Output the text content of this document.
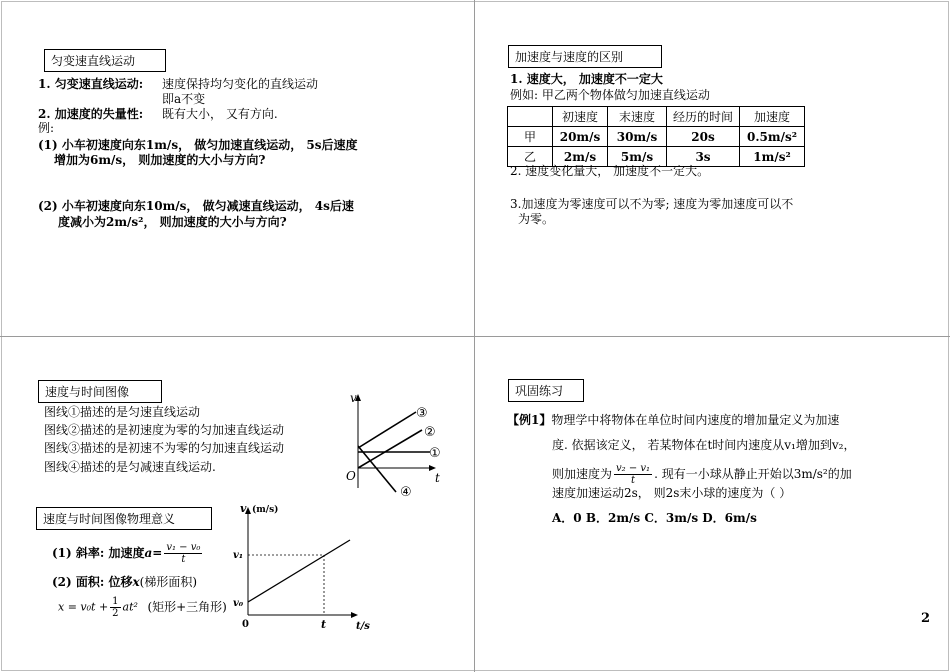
匀变速直线运动
1. 匀变速直线运动: 速度保持均匀变化的直线运动
即a不变
2. 加速度的失量性: 既有大小， 又有方向.
例:
(1) 小车初速度向东1m/s， 做匀加速直线运动， 5s后速度
增加为6m/s， 则加速度的大小与方向?
(2) 小车初速度向东10m/s， 做匀减速直线运动， 4s后速
度减小为2m/s²， 则加速度的大小与方向?
加速度与速度的区别
1. 速度大， 加速度不一定大
例如: 甲乙两个物体做匀加速直线运动
	初速度	末速度	经历的时间	加速度
甲	20m/s	30m/s	20s	0.5m/s²
乙	2m/s	5m/s	3s	1m/s²
2. 速度变化量大， 加速度不一定大。
3.加速度为零速度可以不为零; 速度为零加速度可以不
为零。
速度与时间图像
图线①描述的是匀速直线运动
图线②描述的是初速度为零的匀加速直线运动
图线③描述的是初速不为零的匀加速直线运动
图线④描述的是匀减速直线运动.
v
t
O
③
②
①
④
速度与时间图像物理意义
(1) 斜率: 加速度$a= \frac{\text{v₁ − v₀}}{t}$
(2) 面积: 位移x(梯形面积)
$x = v_0t + \frac{1}{2} at^2$ (矩形+三角形)
v (m/s)
v₁
v₀
0	t	t/s
巩固练习
【例1】物理学中将物体在单位时间内速度的增加量定义为加速
度. 依据该定义， 若某物体在t时间内速度从v₁增加到v₂，
则加速度为 $\frac{\text{v₂ − v₁}}{t}$ . 现有一小球从静止开始以3m/s²的加
速度加速运动2s， 则2s末小球的速度为（ ）
A．0 B．2m/s C．3m/s D．6m/s
2
